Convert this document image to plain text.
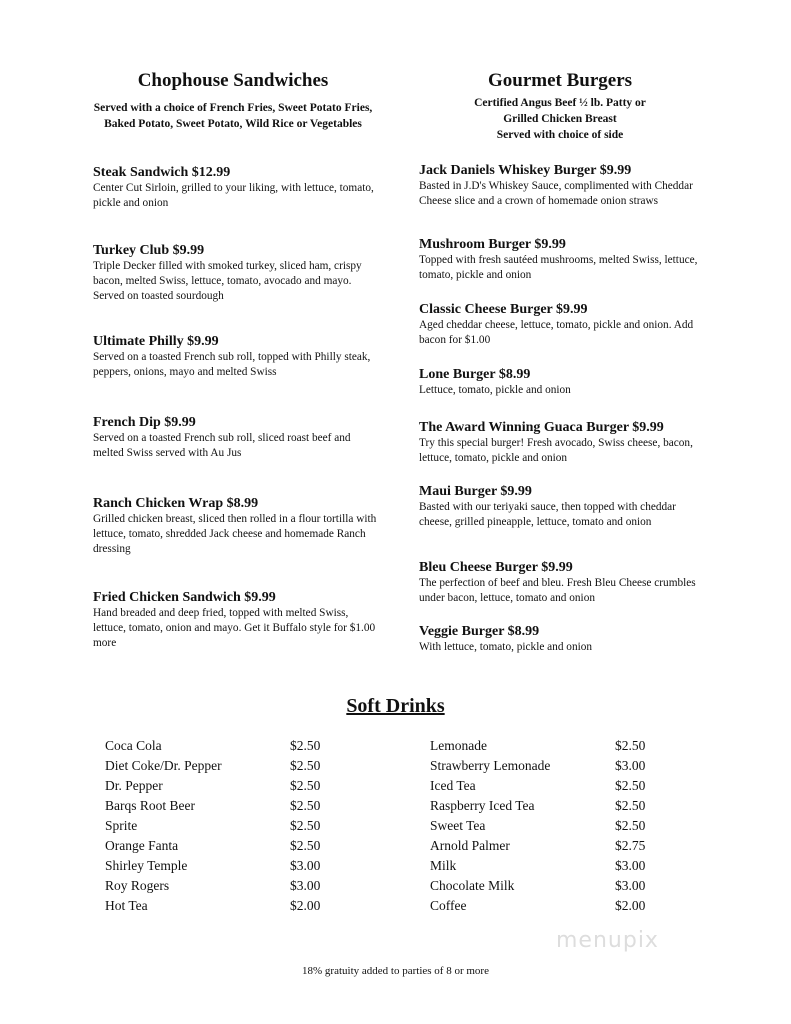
Chophouse Sandwiches
Served with a choice of French Fries, Sweet Potato Fries, Baked Potato, Sweet Potato, Wild Rice or Vegetables
Steak Sandwich $12.99
Center Cut Sirloin, grilled to your liking, with lettuce, tomato, pickle and onion
Turkey Club $9.99
Triple Decker filled with smoked turkey, sliced ham, crispy bacon, melted Swiss, lettuce, tomato, avocado and mayo. Served on toasted sourdough
Ultimate Philly $9.99
Served on a toasted French sub roll, topped with Philly steak, peppers, onions, mayo and melted Swiss
French Dip $9.99
Served on a toasted French sub roll, sliced roast beef and melted Swiss served with Au Jus
Ranch Chicken Wrap $8.99
Grilled chicken breast, sliced then rolled in a flour tortilla with lettuce, tomato, shredded Jack cheese and homemade Ranch dressing
Fried Chicken Sandwich $9.99
Hand breaded and deep fried, topped with melted Swiss, lettuce, tomato, onion and mayo. Get it Buffalo style for $1.00 more
Gourmet Burgers
Certified Angus Beef ½ lb. Patty or
Grilled Chicken Breast
Served with choice of side
Jack Daniels Whiskey Burger $9.99
Basted in J.D's Whiskey Sauce, complimented with Cheddar Cheese slice and a crown of homemade onion straws
Mushroom Burger $9.99
Topped with fresh sautéed mushrooms, melted Swiss, lettuce, tomato, pickle and onion
Classic Cheese Burger $9.99
Aged cheddar cheese, lettuce, tomato, pickle and onion. Add bacon for $1.00
Lone Burger $8.99
Lettuce, tomato, pickle and onion
The Award Winning Guaca Burger $9.99
Try this special burger! Fresh avocado, Swiss cheese, bacon, lettuce, tomato, pickle and onion
Maui Burger $9.99
Basted with our teriyaki sauce, then topped with cheddar cheese, grilled pineapple, lettuce, tomato and onion
Bleu Cheese Burger $9.99
The perfection of beef and bleu. Fresh Bleu Cheese crumbles under bacon, lettuce, tomato and onion
Veggie Burger $8.99
With lettuce, tomato, pickle and onion
Soft Drinks
Coca Cola	$2.50
Diet Coke/Dr. Pepper	$2.50
Dr. Pepper	$2.50
Barqs Root Beer	$2.50
Sprite	$2.50
Orange Fanta	$2.50
Shirley Temple	$3.00
Roy Rogers	$3.00
Hot Tea	$2.00
Lemonade	$2.50
Strawberry Lemonade	$3.00
Iced Tea	$2.50
Raspberry Iced Tea	$2.50
Sweet Tea	$2.50
Arnold Palmer	$2.75
Milk	$3.00
Chocolate Milk	$3.00
Coffee	$2.00
menupix
18% gratuity added to parties of 8 or more
